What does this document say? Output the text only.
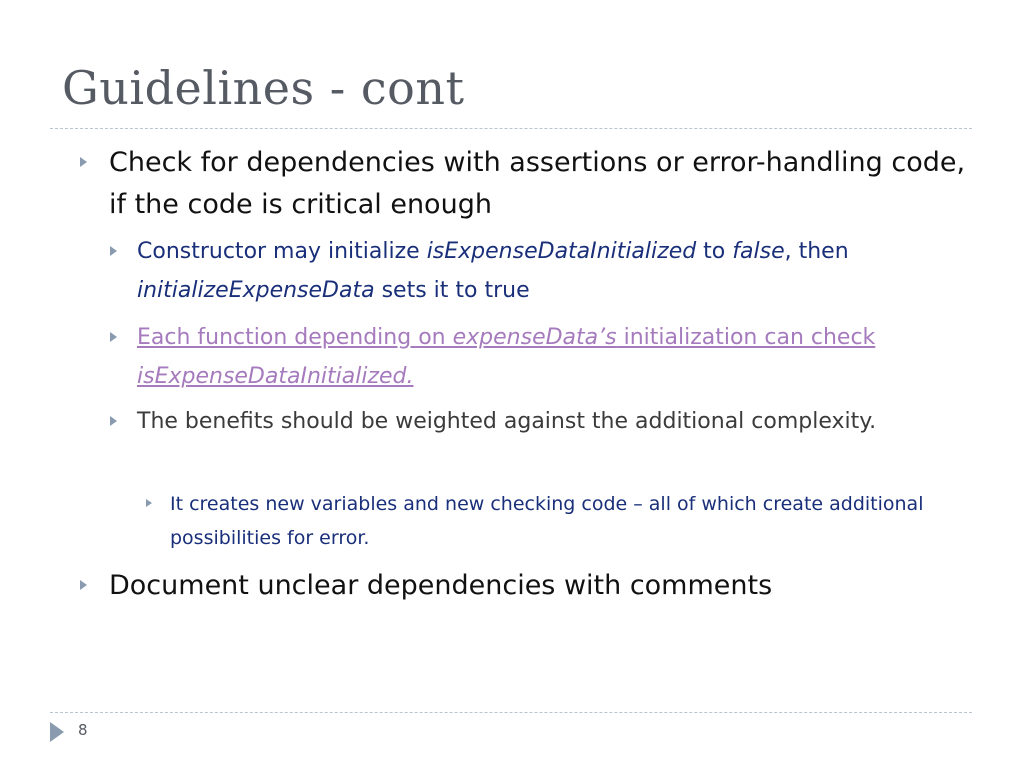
Guidelines - cont
Check for dependencies with assertions or error-handling code, if the code is critical enough
Constructor may initialize isExpenseDataInitialized to false, then initializeExpenseData sets it to true
Each function depending on expenseData’s initialization can check isExpenseDataInitialized.
The benefits should be weighted against the additional complexity.
It creates new variables and new checking code – all of which create additional possibilities for error.
Document unclear dependencies with comments
8
